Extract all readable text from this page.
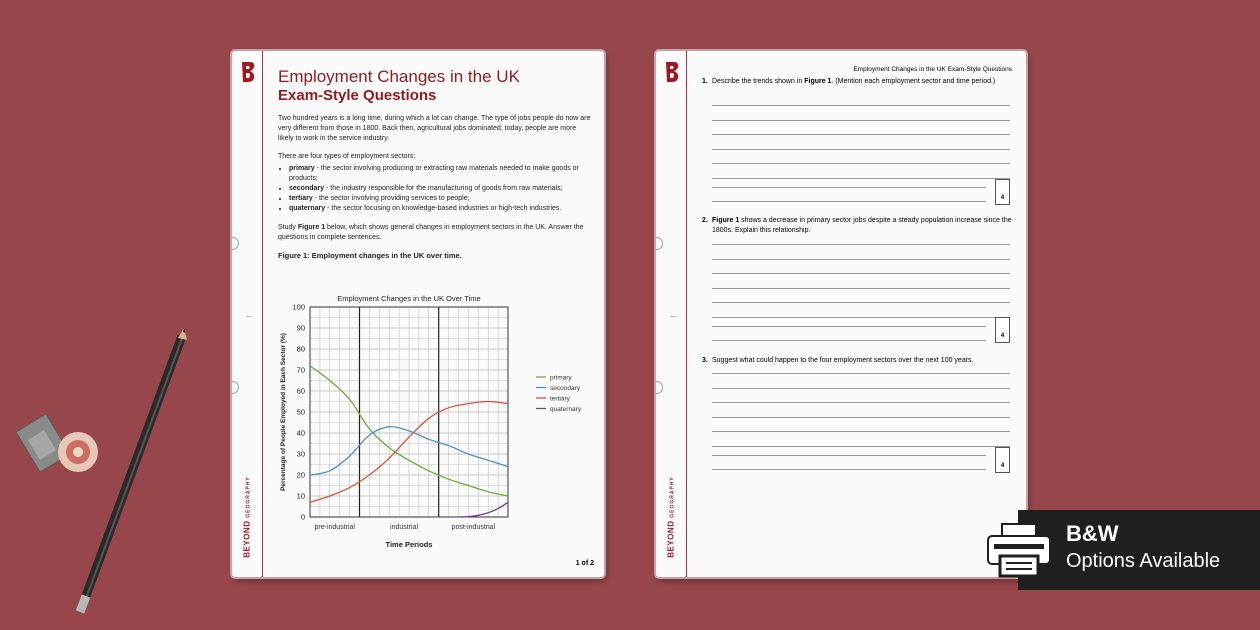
BEYOND GEOGRAPHY
Employment Changes in the UK
Exam-Style Questions

Two hundred years is a long time, during which a lot can change. The type of jobs people do now are very different from those in 1800. Back then, agricultural jobs dominated; today, people are more likely to work in the service industry.

There are four types of employment sectors:

• primary - the sector involving producing or extracting raw materials needed to make goods or products;
• secondary - the industry responsible for the manufacturing of goods from raw materials;
• tertiary - the sector involving providing services to people;
• quaternary - the sector focusing on knowledge-based industries or high-tech industries.

Study Figure 1 below, which shows general changes in employment sectors in the UK. Answer the questions in complete sentences.

Figure 1: Employment changes in the UK over time.
0
10
20
30
40
50
60
70
80
90
100
pre-industrial	industrial	post-industrial
Employment Changes in the UK Over Time
Time Periods
Percentage of People Employed in Each Sector (%)	primary
secondary
tertiary
quaternary
1 of 2
BEYOND GEOGRAPHY
Employment Changes in the UK Exam-Style Questions
1. Describe the trends shown in Figure 1. (Mention each employment sector and time period.)
4
2. Figure 1 shows a decrease in primary sector jobs despite a steady population increase since the 1800s. Explain this relationship.
4
3. Suggest what could happen to the four employment sectors over the next 100 years.
4
B&W
Options Available
